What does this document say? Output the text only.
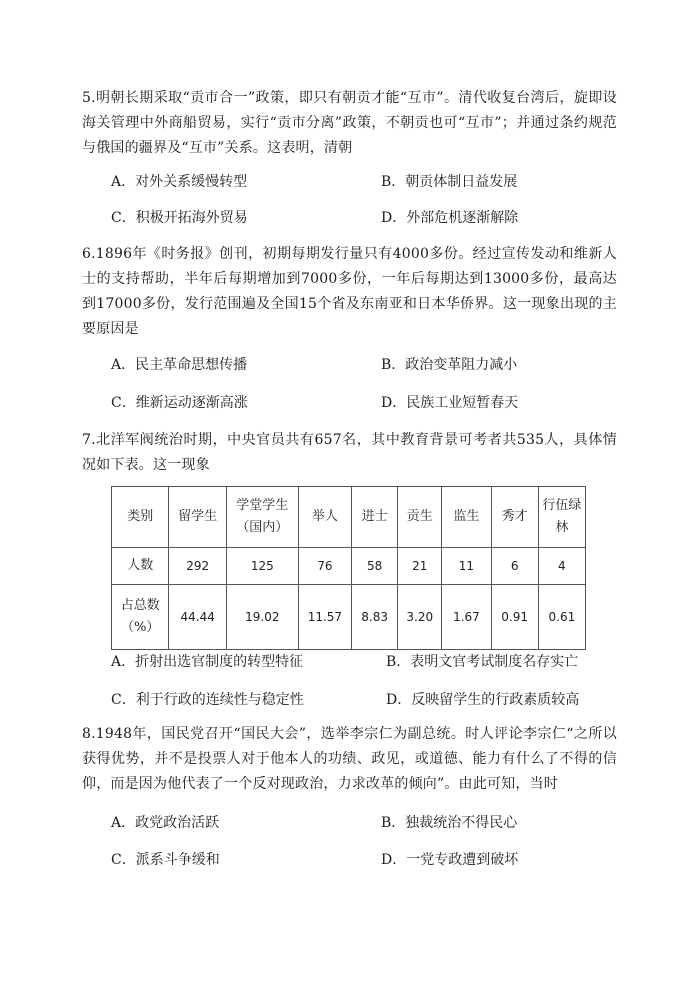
5.明朝长期采取“贡市合一”政策，即只有朝贡才能“互市”。清代收复台湾后，旋即设海关管理中外商船贸易，实行“贡市分离”政策，不朝贡也可“互市”；并通过条约规范与俄国的疆界及“互市”关系。这表明，清朝

A．对外关系缓慢转型	B．朝贡体制日益发展
C．积极开拓海外贸易	D．外部危机逐渐解除

6.1896年《时务报》创刊，初期每期发行量只有4000多份。经过宣传发动和维新人士的支持帮助，半年后每期增加到7000多份，一年后每期达到13000多份，最高达到17000多份，发行范围遍及全国15个省及东南亚和日本华侨界。这一现象出现的主要原因是

A．民主革命思想传播	B．政治变革阻力减小
C．维新运动逐渐高涨	D．民族工业短暂春天

7.北洋军阀统治时期，中央官员共有657名，其中教育背景可考者共535人，具体情况如下表。这一现象

类别	留学生	学堂学生（国内）	举人	进士	贡生	监生	秀才	行伍绿林
人数	292	125	76	58	21	11	6	4
占总数（%）	44.44	19.02	11.57	8.83	3.20	1.67	0.91	0.61
A．折射出选官制度的转型特征	B．表明文官考试制度名存实亡
C．利于行政的连续性与稳定性	D．反映留学生的行政素质较高

8.1948年，国民党召开“国民大会”，选举李宗仁为副总统。时人评论李宗仁“之所以获得优势，并不是投票人对于他本人的功绩、政见，或道德、能力有什么了不得的信仰，而是因为他代表了一个反对现政治，力求改革的倾向”。由此可知，当时

A．政党政治活跃	B．独裁统治不得民心
C．派系斗争缓和	D．一党专政遭到破坏
